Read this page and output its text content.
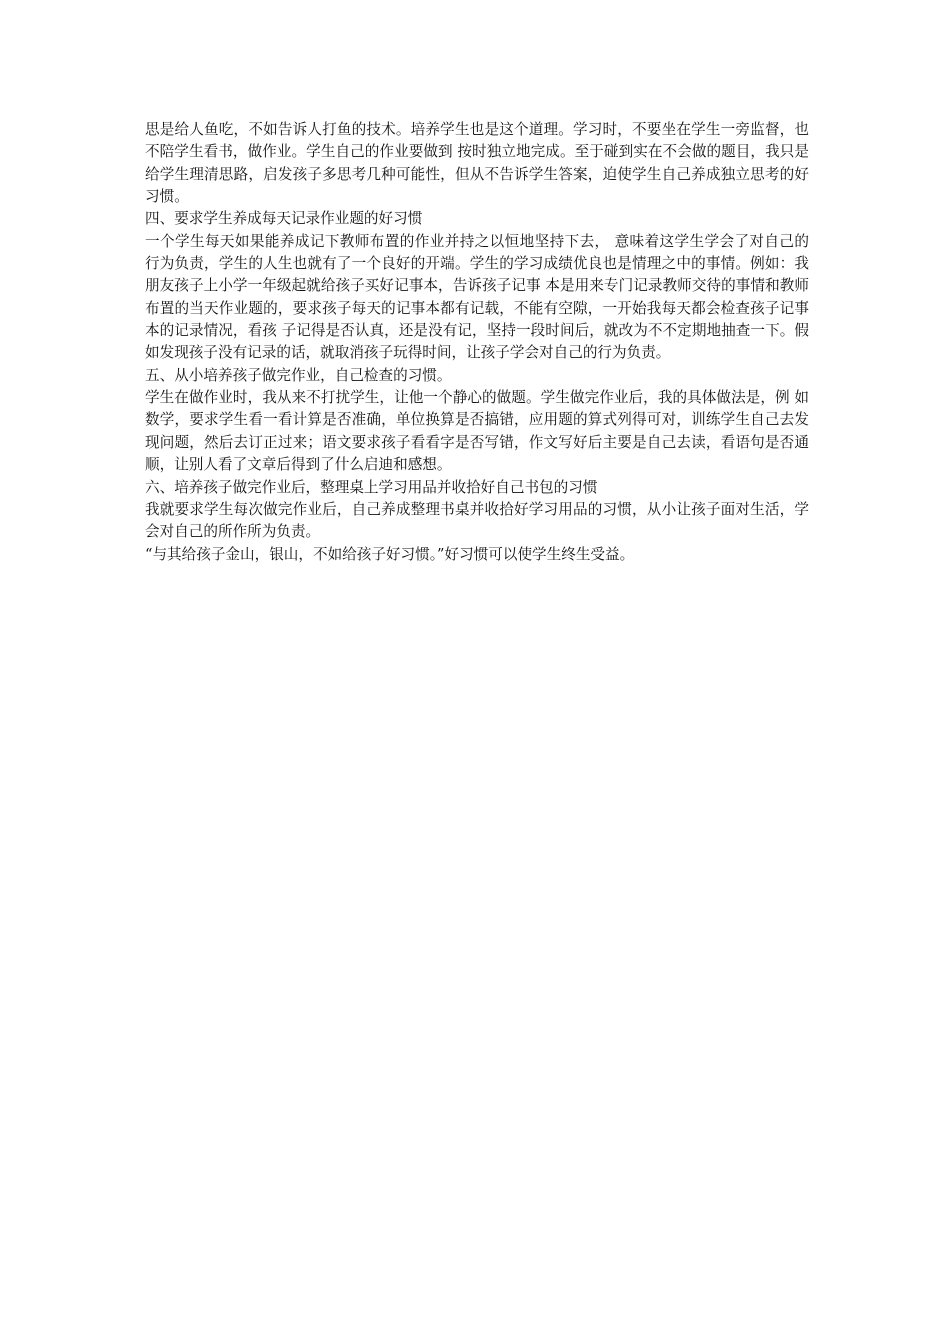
思是给人鱼吃，不如告诉人打鱼的技术。培养学生也是这个道理。学习时，不要坐在学生一旁监督，也不陪学生看书，做作业。学生自己的作业要做到 按时独立地完成。至于碰到实在不会做的题目，我只是给学生理清思路，启发孩子多思考几种可能性，但从不告诉学生答案，迫使学生自己养成独立思考的好习惯。

四、要求学生养成每天记录作业题的好习惯

一个学生每天如果能养成记下教师布置的作业并持之以恒地坚持下去， 意味着这学生学会了对自己的 行为负责，学生的人生也就有了一个良好的开端。学生的学习成绩优良也是情理之中的事情。例如：我朋友孩子上小学一年级起就给孩子买好记事本，告诉孩子记事 本是用来专门记录教师交待的事情和教师布置的当天作业题的，要求孩子每天的记事本都有记载，不能有空隙，一开始我每天都会检查孩子记事本的记录情况，看孩 子记得是否认真，还是没有记，坚持一段时间后，就改为不不定期地抽查一下。假如发现孩子没有记录的话，就取消孩子玩得时间，让孩子学会对自己的行为负责。

五、从小培养孩子做完作业，自己检查的习惯。

学生在做作业时，我从来不打扰学生，让他一个静心的做题。学生做完作业后，我的具体做法是，例 如数学，要求学生看一看计算是否准确，单位换算是否搞错，应用题的算式列得可对，训练学生自己去发现问题，然后去订正过来；语文要求孩子看看字是否写错，作文写好后主要是自己去读，看语句是否通顺，让别人看了文章后得到了什么启迪和感想。

六、培养孩子做完作业后，整理桌上学习用品并收拾好自己书包的习惯

我就要求学生每次做完作业后，自己养成整理书桌并收拾好学习用品的习惯，从小让孩子面对生活，学会对自己的所作所为负责。

“与其给孩子金山，银山，不如给孩子好习惯。”好习惯可以使学生终生受益。
